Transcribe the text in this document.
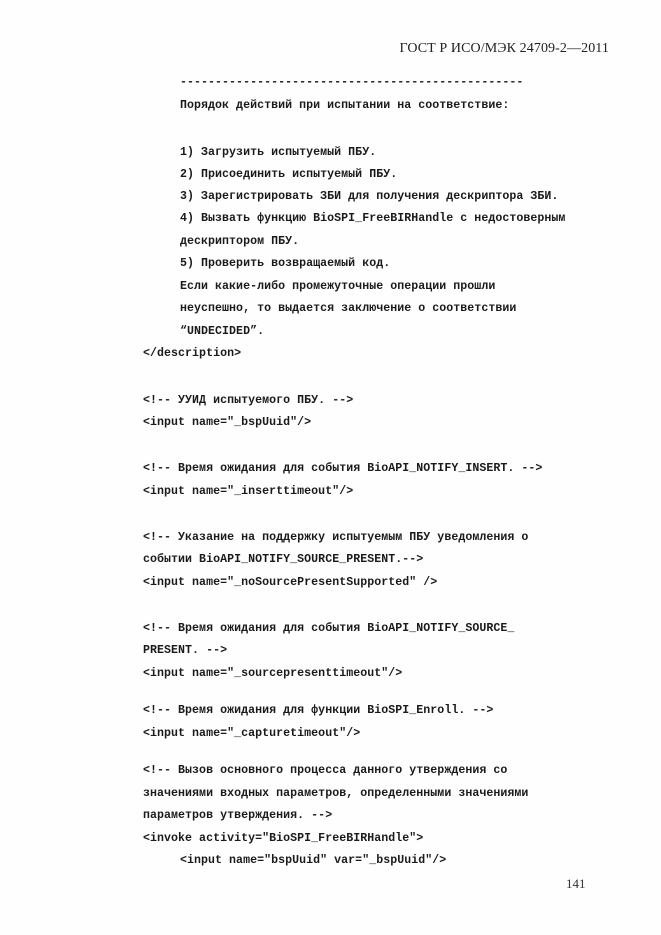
ГОСТ Р ИСО/МЭК 24709-2—2011
-------------------------------------------------
Порядок действий при испытании на соответствие:
1) Загрузить испытуемый ПБУ.
2) Присоединить испытуемый ПБУ.
3) Зарегистрировать ЗБИ для получения дескриптора ЗБИ.
4) Вызвать функцию BioSPI_FreeBIRHandle с недостоверным
дескриптором ПБУ.
5) Проверить возвращаемый код.
Если какие-либо промежуточные операции прошли
неуспешно, то выдается заключение о соответствии
“UNDECIDED”.
</description>
<!-- УУИД испытуемого ПБУ. -->
<input name="_bspUuid"/>
<!-- Время ожидания для события BioAPI_NOTIFY_INSERT. -->
<input name="_inserttimeout"/>
<!-- Указание на поддержку испытуемым ПБУ уведомления о
событии BioAPI_NOTIFY_SOURCE_PRESENT.-->
<input name="_noSourcePresentSupported" />
<!-- Время ожидания для события BioAPI_NOTIFY_SOURCE_
PRESENT. -->
<input name="_sourcepresenttimeout"/>
<!-- Время ожидания для функции BioSPI_Enroll. -->
<input name="_capturetimeout"/>
<!-- Вызов основного процесса данного утверждения со
значениями входных параметров, определенными значениями
параметров утверждения. -->
<invoke activity="BioSPI_FreeBIRHandle">
<input name="bspUuid" var="_bspUuid"/>
141
